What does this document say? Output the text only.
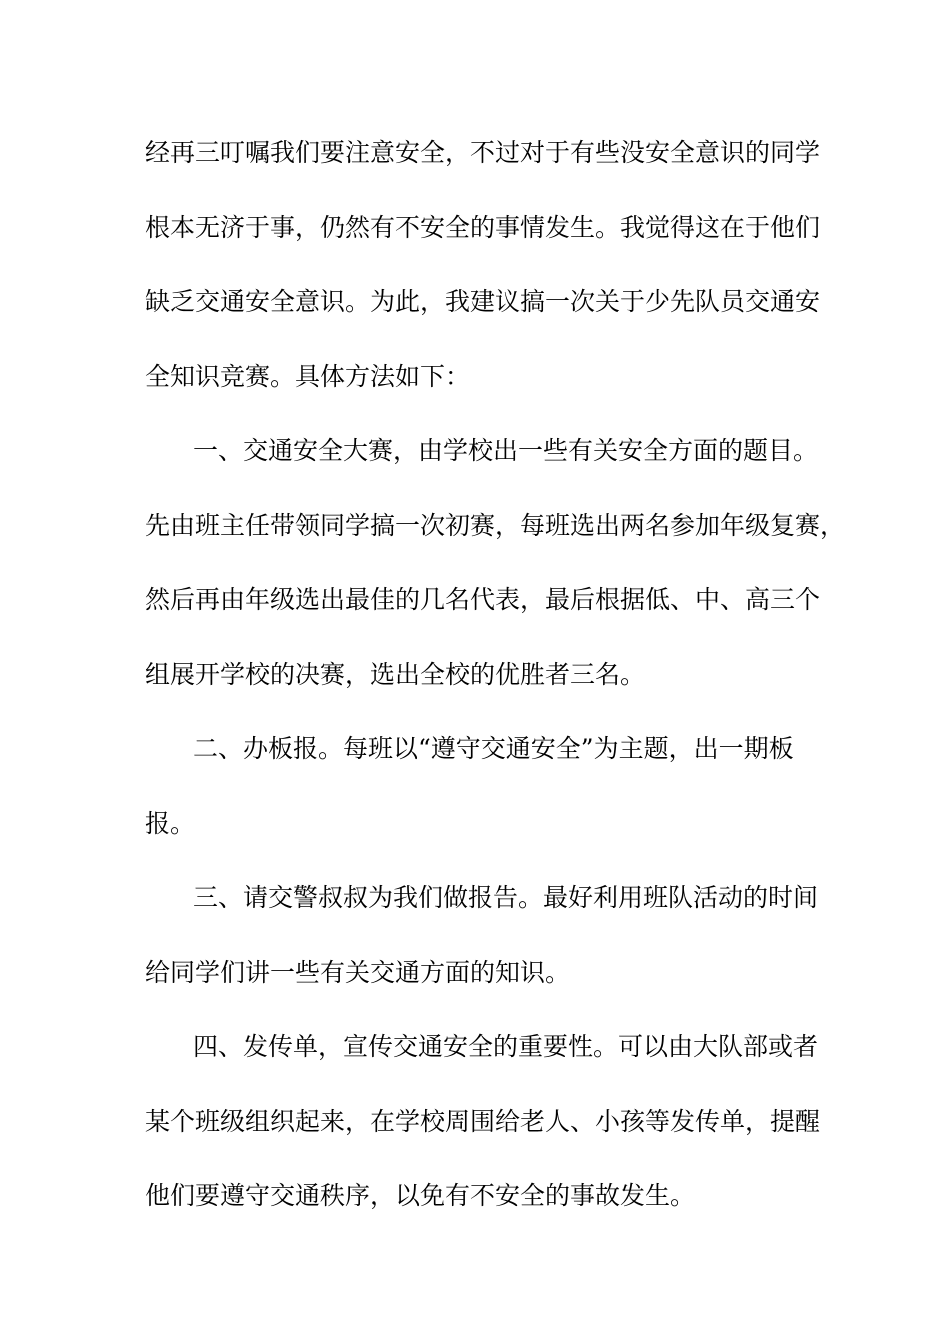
经再三叮嘱我们要注意安全，不过对于有些没安全意识的同学
根本无济于事，仍然有不安全的事情发生。我觉得这在于他们
缺乏交通安全意识。为此，我建议搞一次关于少先队员交通安
全知识竞赛。具体方法如下：
一、交通安全大赛，由学校出一些有关安全方面的题目。
先由班主任带领同学搞一次初赛，每班选出两名参加年级复赛，
然后再由年级选出最佳的几名代表，最后根据低、中、高三个
组展开学校的决赛，选出全校的优胜者三名。
二、办板报。每班以“遵守交通安全”为主题，出一期板
报。
三、请交警叔叔为我们做报告。最好利用班队活动的时间
给同学们讲一些有关交通方面的知识。
四、发传单，宣传交通安全的重要性。可以由大队部或者
某个班级组织起来，在学校周围给老人、小孩等发传单，提醒
他们要遵守交通秩序，以免有不安全的事故发生。
